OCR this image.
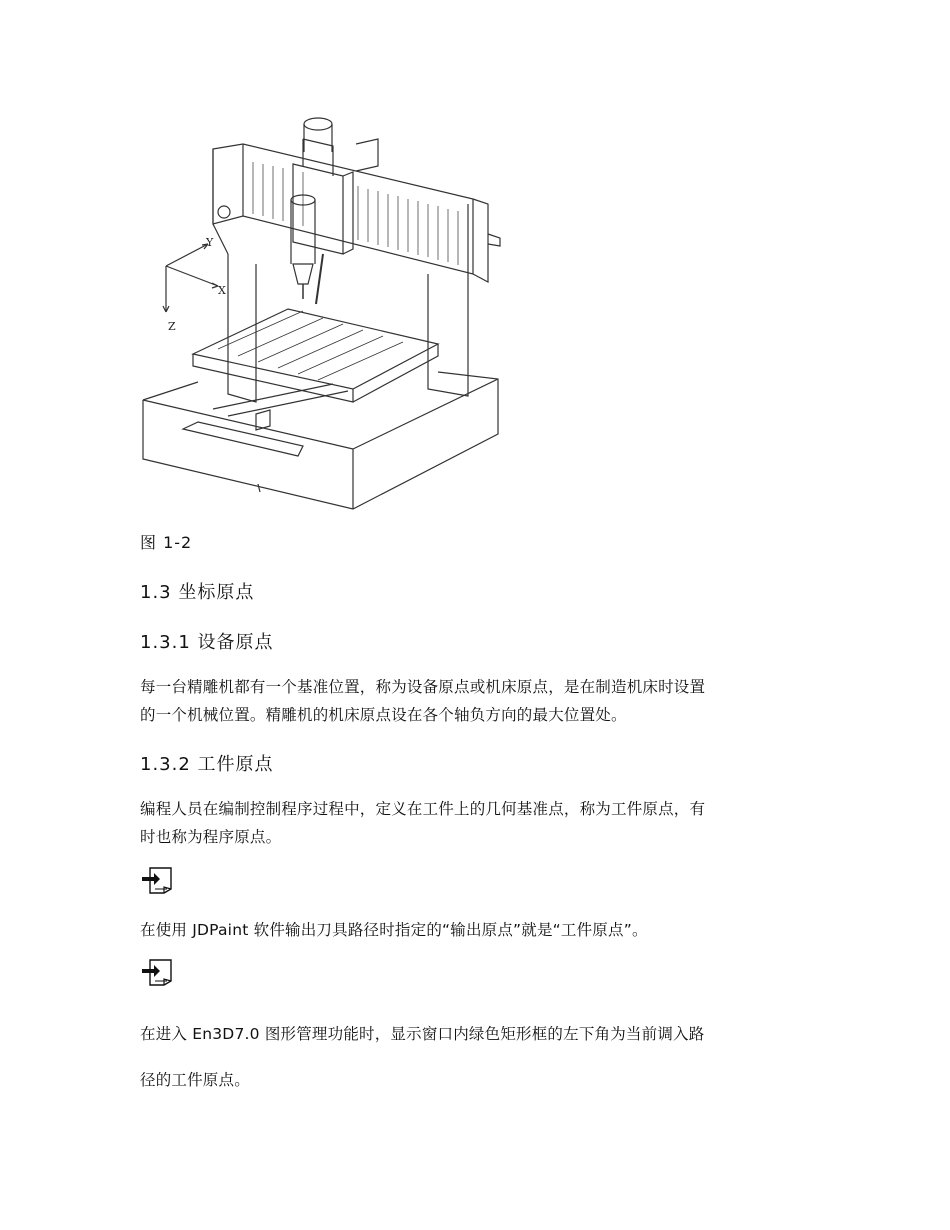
Y
X
Z
图 1-2
1.3 坐标原点
1.3.1 设备原点
每一台精雕机都有一个基准位置，称为设备原点或机床原点，是在制造机床时设置
的一个机械位置。精雕机的机床原点设在各个轴负方向的最大位置处。
1.3.2 工件原点
编程人员在编制控制程序过程中，定义在工件上的几何基准点，称为工件原点，有
时也称为程序原点。
在使用 JDPaint 软件输出刀具路径时指定的“输出原点”就是“工件原点”。
在进入 En3D7.0 图形管理功能时，显示窗口内绿色矩形框的左下角为当前调入路
径的工件原点。
